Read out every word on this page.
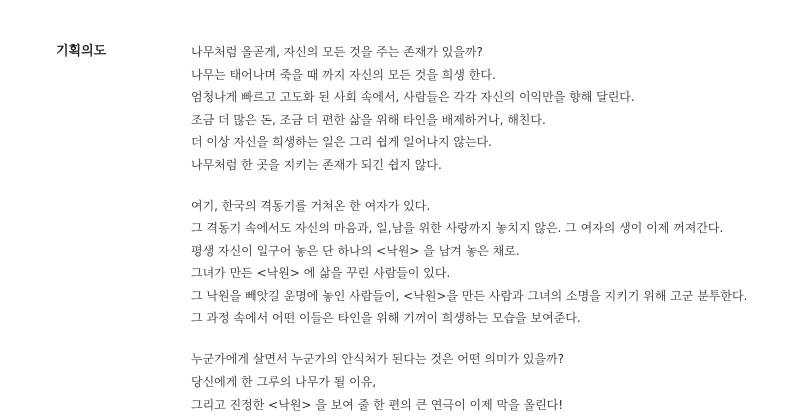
기획의도	나무처럼 올곧게, 자신의 모든 것을 주는 존재가 있을까?
나무는 태어나며 죽을 때 까지 자신의 모든 것을 희생 한다.
엄청나게 빠르고 고도화 된 사회 속에서, 사람들은 각각 자신의 이익만을 향해 달린다.
조금 더 많은 돈, 조금 더 편한 삶을 위해 타인을 배제하거나, 해친다.
더 이상 자신을 희생하는 일은 그리 쉽게 일어나지 않는다.
나무처럼 한 곳을 지키는 존재가 되긴 쉽지 않다.
여기, 한국의 격동기를 거쳐온 한 여자가 있다.
그 격동기 속에서도 자신의 마음과, 일,남을 위한 사랑까지 놓치지 않은. 그 여자의 생이 이제 꺼져간다.
평생 자신이 일구어 놓은 단 하나의 <낙원> 을 남겨 놓은 채로.
그녀가 만든 <낙원> 에 삶을 꾸린 사람들이 있다.
그 낙원을 빼앗길 운명에 놓인 사람들이, <낙원>을 만든 사람과 그녀의 소명을 지키기 위해 고군 분투한다.
그 과정 속에서 어떤 이들은 타인을 위해 기꺼이 희생하는 모습을 보여준다.
누군가에게 살면서 누군가의 안식처가 된다는 것은 어떤 의미가 있을까?
당신에게 한 그루의 나무가 될 이유,
그리고 진정한 <낙원> 을 보여 줄 한 편의 큰 연극이 이제 막을 올린다!
